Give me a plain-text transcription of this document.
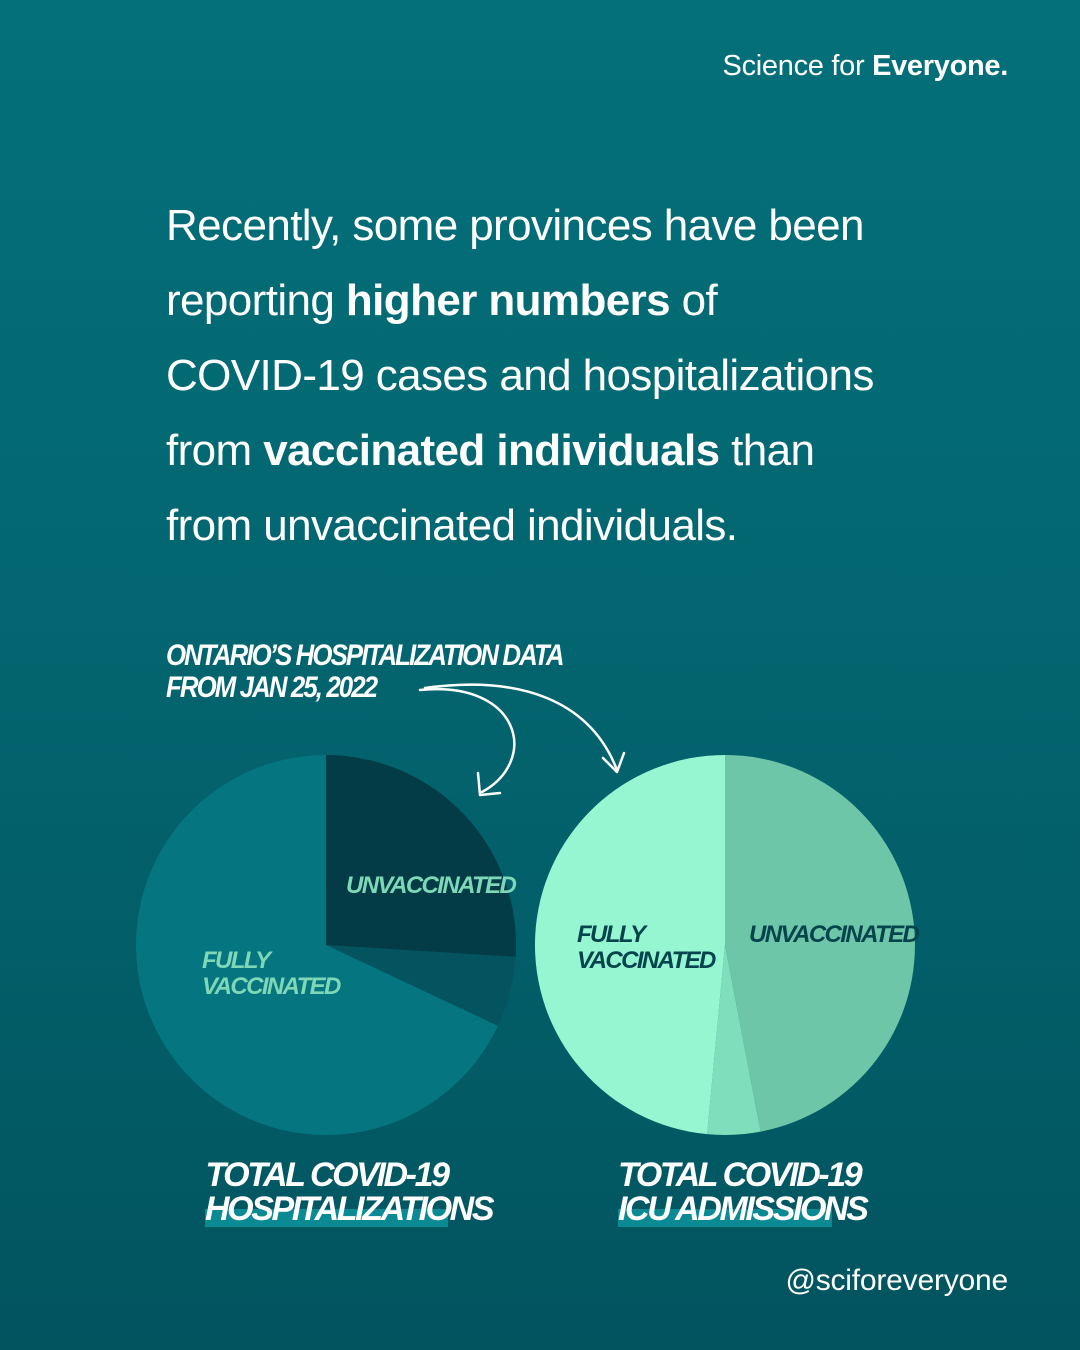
Science for Everyone.
Recently, some provinces have been
reporting higher numbers of
COVID-19 cases and hospitalizations
from vaccinated individuals than
from unvaccinated individuals.
ONTARIO’S HOSPITALIZATION DATA
FROM JAN 25, 2022
UNVACCINATED
FULLY
VACCINATED
UNVACCINATED
FULLY
VACCINATED
TOTAL COVID-19
HOSPITALIZATIONS
TOTAL COVID-19
ICU ADMISSIONS
@sciforeveryone
